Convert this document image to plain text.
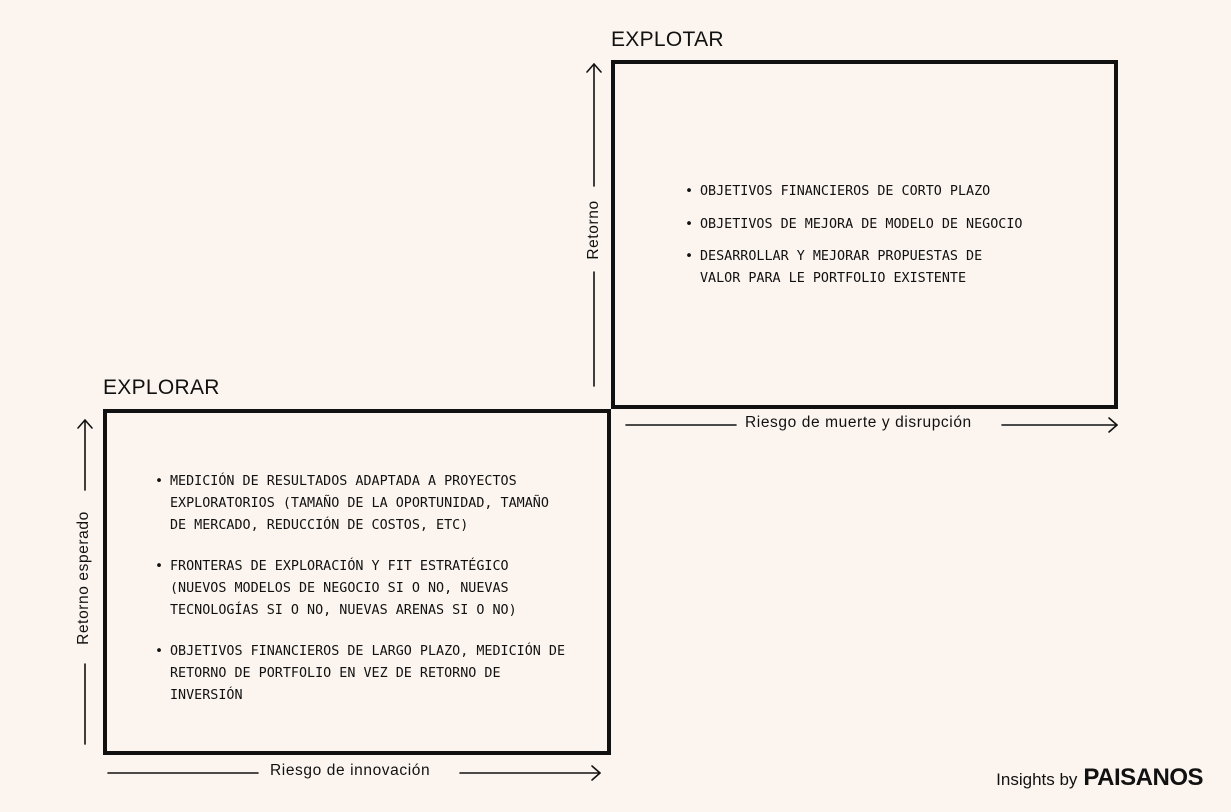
EXPLOTAR
• OBJETIVOS FINANCIEROS DE CORTO PLAZO
• OBJETIVOS DE MEJORA DE MODELO DE NEGOCIO
• DESARROLLAR Y MEJORAR PROPUESTAS DE VALOR PARA LE PORTFOLIO EXISTENTE
Retorno
Riesgo de muerte y disrupción
EXPLORAR
• MEDICIÓN DE RESULTADOS ADAPTADA A PROYECTOS EXPLORATORIOS (TAMAÑO DE LA OPORTUNIDAD, TAMAÑO DE MERCADO, REDUCCIÓN DE COSTOS, ETC)
• FRONTERAS DE EXPLORACIÓN Y FIT ESTRATÉGICO (NUEVOS MODELOS DE NEGOCIO SI O NO, NUEVAS TECNOLOGÍAS SI O NO, NUEVAS ARENAS SI O NO)
• OBJETIVOS FINANCIEROS DE LARGO PLAZO, MEDICIÓN DE RETORNO DE PORTFOLIO EN VEZ DE RETORNO DE INVERSIÓN
Retorno esperado
Riesgo de innovación	Insights by PAISANOS
